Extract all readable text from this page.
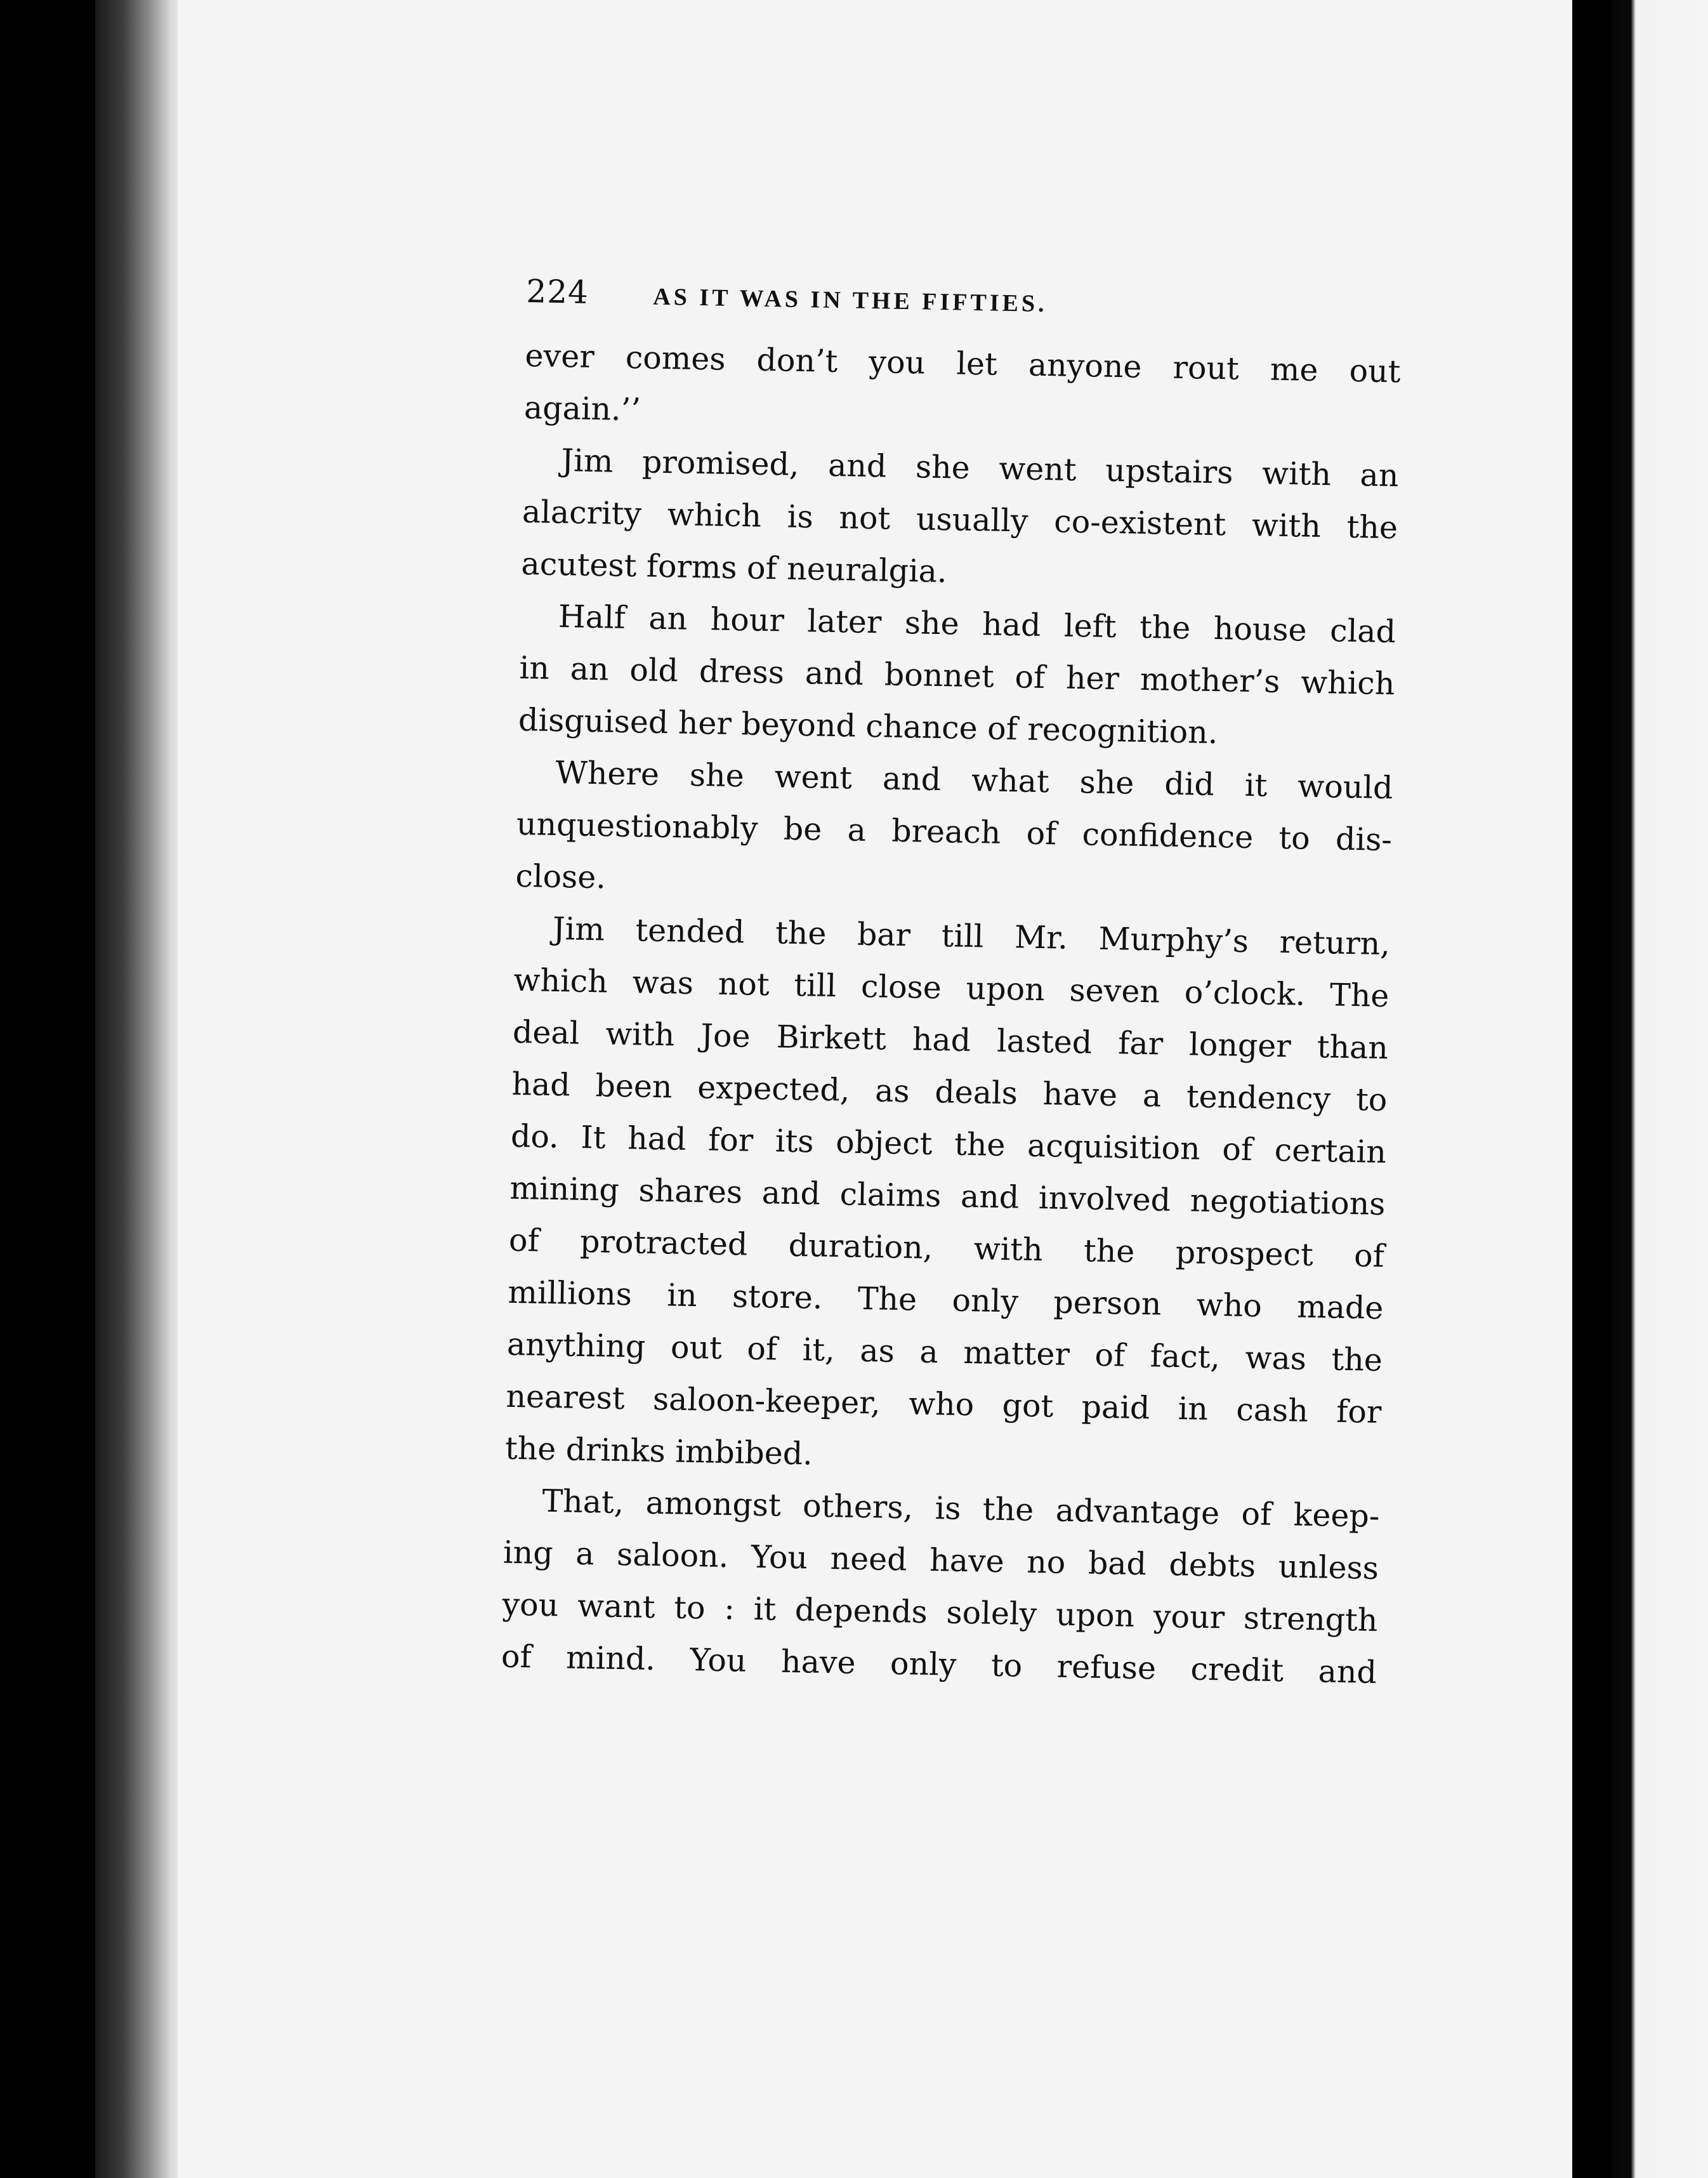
224	AS IT WAS IN THE FIFTIES.
ever comes don’t you let anyone rout me out
again.’’
Jim promised, and she went upstairs with an
alacrity which is not usually co-existent with the
acutest forms of neuralgia.
Half an hour later she had left the house clad
in an old dress and bonnet of her mother’s which
disguised her beyond chance of recognition.
Where she went and what she did it would
unquestionably be a breach of confidence to dis-
close.
Jim tended the bar till Mr. Murphy’s return,
which was not till close upon seven o’clock. The
deal with Joe Birkett had lasted far longer than
had been expected, as deals have a tendency to
do. It had for its object the acquisition of certain
mining shares and claims and involved negotiations
of protracted duration, with the prospect of
millions in store. The only person who made
anything out of it, as a matter of fact, was the
nearest saloon-keeper, who got paid in cash for
the drinks imbibed.
That, amongst others, is the advantage of keep-
ing a saloon. You need have no bad debts unless
you want to : it depends solely upon your strength
of mind. You have only to refuse credit and
